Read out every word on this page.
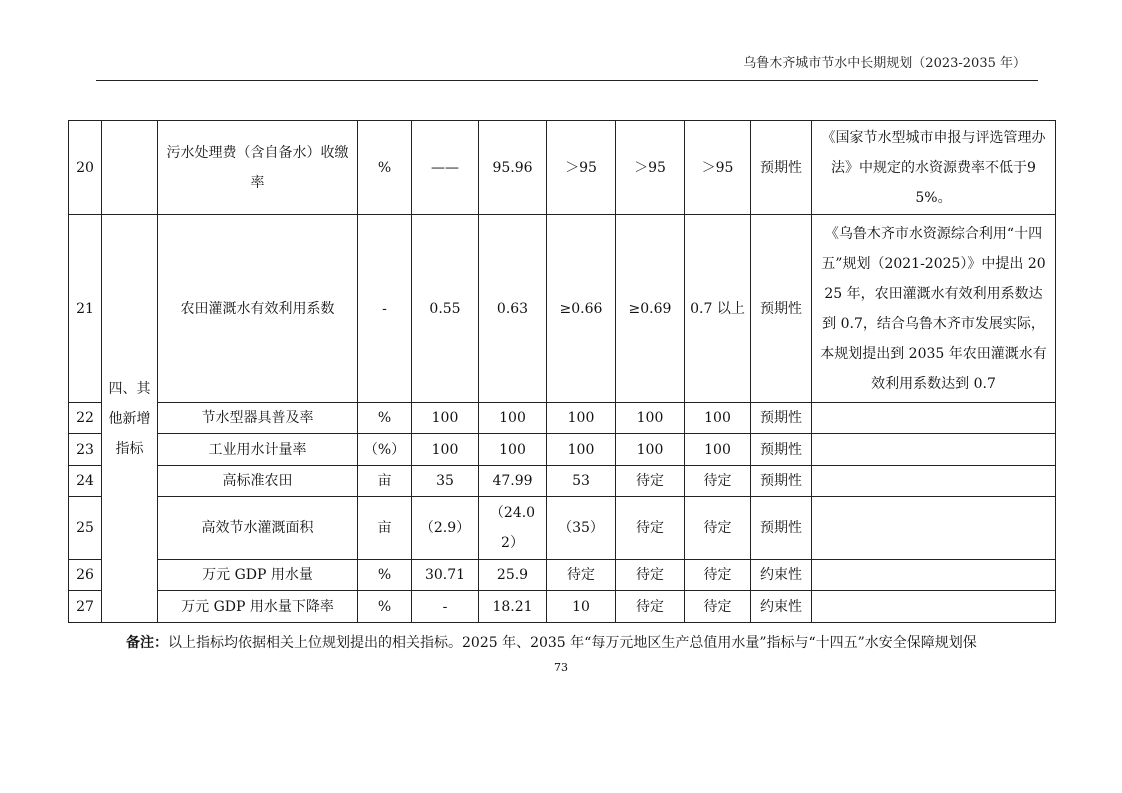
乌鲁木齐城市节水中长期规划（2023-2035 年）
20		污水处理费（含自备水）收缴率	%	——	95.96	＞95	＞95	＞95	预期性	《国家节水型城市申报与评选管理办法》中规定的水资源费率不低于95%。
21	四、其他新增指标	农田灌溉水有效利用系数	-	0.55	0.63	≥0.66	≥0.69	0.7 以上	预期性	《乌鲁木齐市水资源综合利用“十四五”规划（2021-2025）》中提出 2025 年，农田灌溉水有效利用系数达到 0.7，结合乌鲁木齐市发展实际，本规划提出到 2035 年农田灌溉水有效利用系数达到 0.7
22		节水型器具普及率	%	100	100	100	100	100	预期性	
23		工业用水计量率	（%）	100	100	100	100	100	预期性	
24		高标准农田	亩	35	47.99	53	待定	待定	预期性	
25		高效节水灌溉面积	亩	（2.9）	（24.02）	（35）	待定	待定	预期性	
26		万元 GDP 用水量	%	30.71	25.9	待定	待定	待定	约束性	
27		万元 GDP 用水量下降率	%	-	18.21	10	待定	待定	约束性	
备注：以上指标均依据相关上位规划提出的相关指标。2025 年、2035 年“每万元地区生产总值用水量”指标与“十四五”水安全保障规划保
73
